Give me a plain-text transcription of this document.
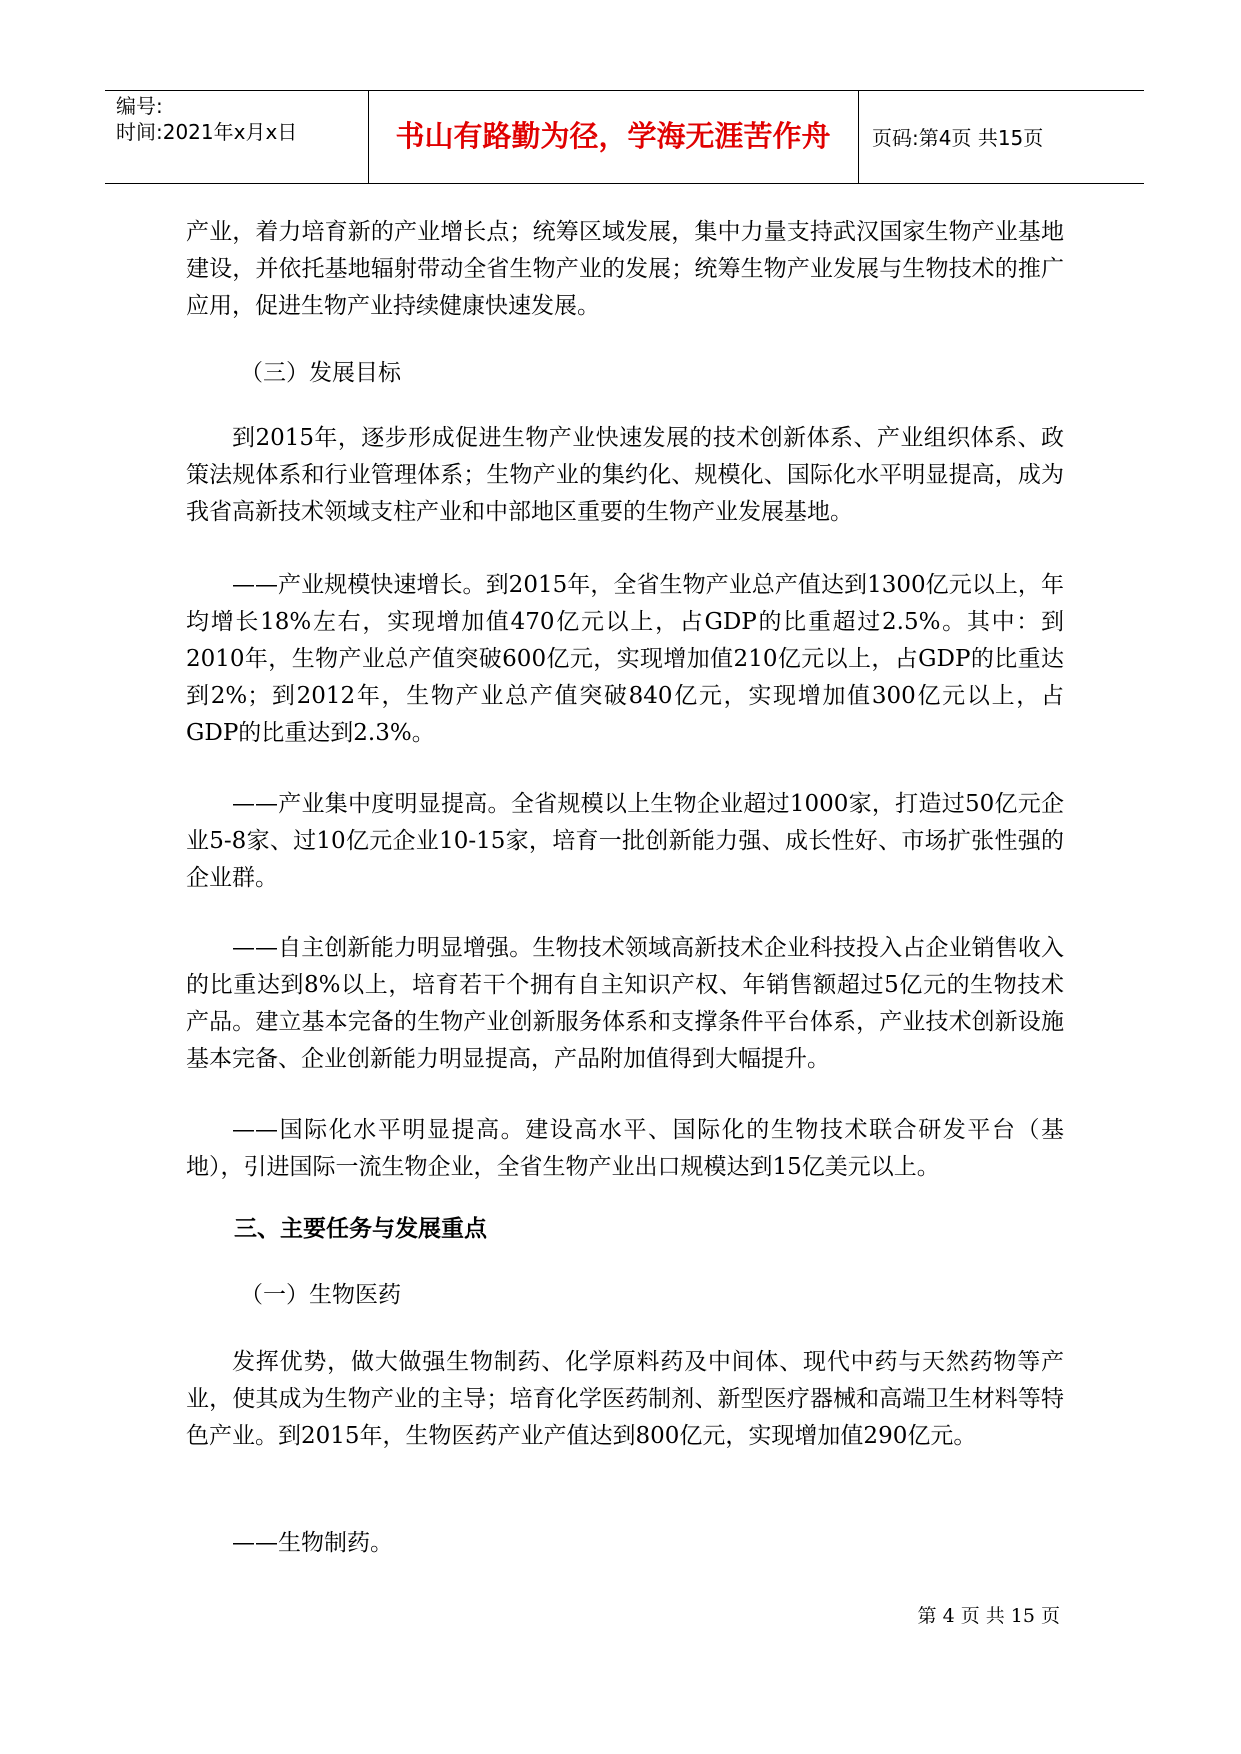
编号:
时间:2021年x月x日	书山有路勤为径，学海无涯苦作舟	页码:第4页 共15页

产业，着力培育新的产业增长点；统筹区域发展，集中力量支持武汉国家生物产业基地建设，并依托基地辐射带动全省生物产业的发展；统筹生物产业发展与生物技术的推广应用，促进生物产业持续健康快速发展。

（三）发展目标

到2015年，逐步形成促进生物产业快速发展的技术创新体系、产业组织体系、政策法规体系和行业管理体系；生物产业的集约化、规模化、国际化水平明显提高，成为我省高新技术领域支柱产业和中部地区重要的生物产业发展基地。

——产业规模快速增长。到2015年，全省生物产业总产值达到1300亿元以上，年均增长18%左右，实现增加值470亿元以上，占GDP的比重超过2.5%。其中：到2010年，生物产业总产值突破600亿元，实现增加值210亿元以上，占GDP的比重达到2%；到2012年，生物产业总产值突破840亿元，实现增加值300亿元以上，占GDP的比重达到2.3%。

——产业集中度明显提高。全省规模以上生物企业超过1000家，打造过50亿元企业5-8家、过10亿元企业10-15家，培育一批创新能力强、成长性好、市场扩张性强的企业群。

——自主创新能力明显增强。生物技术领域高新技术企业科技投入占企业销售收入的比重达到8%以上，培育若干个拥有自主知识产权、年销售额超过5亿元的生物技术产品。建立基本完备的生物产业创新服务体系和支撑条件平台体系，产业技术创新设施基本完备、企业创新能力明显提高，产品附加值得到大幅提升。

——国际化水平明显提高。建设高水平、国际化的生物技术联合研发平台（基地），引进国际一流生物企业，全省生物产业出口规模达到15亿美元以上。

三、主要任务与发展重点

（一）生物医药

发挥优势，做大做强生物制药、化学原料药及中间体、现代中药与天然药物等产业，使其成为生物产业的主导；培育化学医药制剂、新型医疗器械和高端卫生材料等特色产业。到2015年，生物医药产业产值达到800亿元，实现增加值290亿元。

——生物制药。

第 4 页 共 15 页
